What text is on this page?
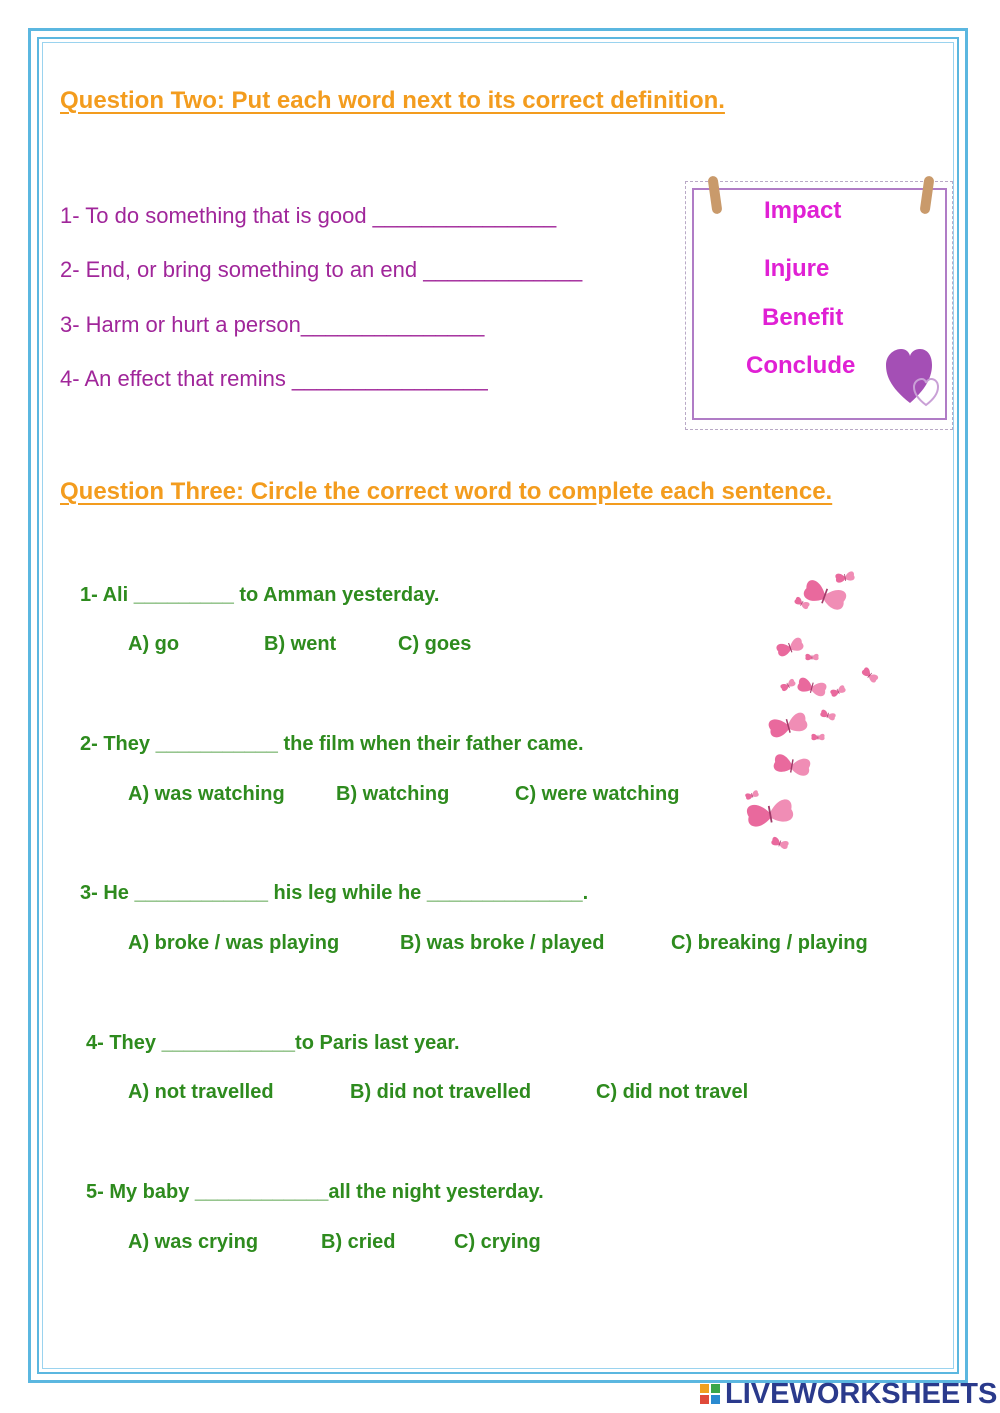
Question Two: Put each word next to its correct definition.
1- To do something that is good _______________
2- End, or bring something to an end _____________
3- Harm or hurt a person_______________
4- An effect that remins ________________
Impact
Injure
Benefit
Conclude
Question Three: Circle the correct word to complete each sentence.
1- Ali _________ to Amman yesterday.
A) go	B) went	C) goes
2- They ___________ the film when their father came.
A) was watching	B) watching	C) were watching
3- He ____________ his leg while he ______________.
A) broke / was playing	B) was broke / played	C) breaking / playing
4- They ____________to Paris last year.
A) not travelled	B) did not travelled	C) did not travel
5- My baby ____________all the night yesterday.
A) was crying	B) cried	C) crying
LIVEWORKSHEETS
